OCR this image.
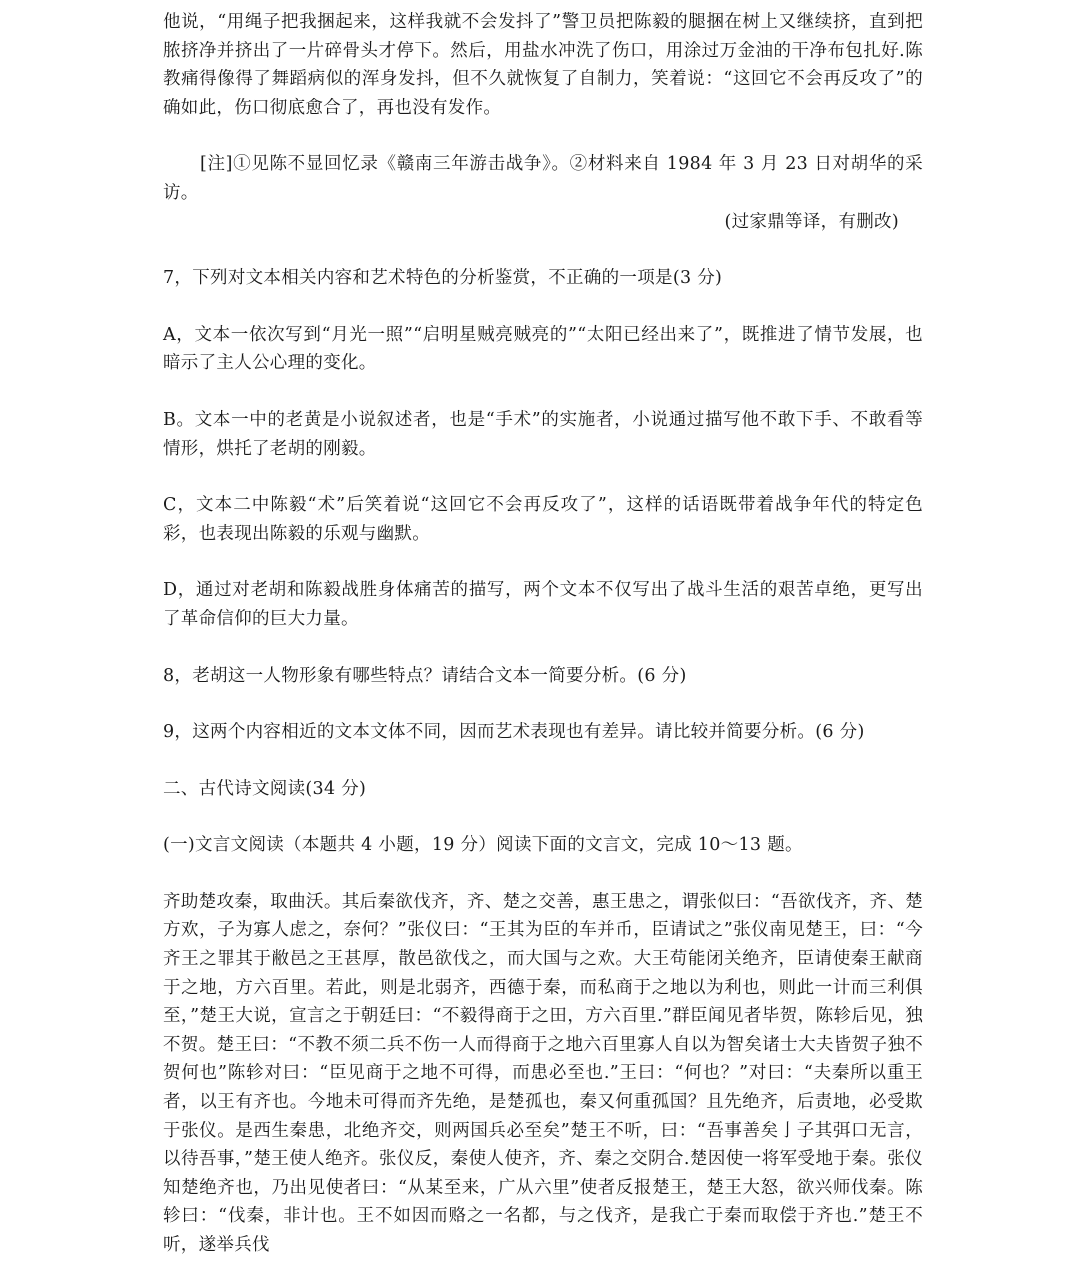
他说，“用绳子把我捆起来，这样我就不会发抖了”警卫员把陈毅的腿捆在树上又继续挤，直到把脓挤净并挤出了一片碎骨头才停下。然后，用盐水冲洗了伤口，用涂过万金油的干净布包扎好.陈教痛得像得了舞蹈病似的浑身发抖，但不久就恢复了自制力，笑着说：“这回它不会再反攻了”的确如此，伤口彻底愈合了，再也没有发作。

[注]①见陈不显回忆录《赣南三年游击战争》。②材料来自 1984 年 3 月 23 日对胡华的采访。

(过家鼎等译，有删改)

7，下列对文本相关内容和艺术特色的分析鉴赏，不正确的一项是(3 分)

A，文本一依次写到“月光一照”“启明星贼亮贼亮的”“太阳已经出来了”，既推进了情节发展，也暗示了主人公心理的变化。

B。文本一中的老黄是小说叙述者，也是“手术”的实施者，小说通过描写他不敢下手、不敢看等情形，烘托了老胡的刚毅。

C，文本二中陈毅“术”后笑着说“这回它不会再反攻了”，这样的话语既带着战争年代的特定色彩，也表现出陈毅的乐观与幽默。

D，通过对老胡和陈毅战胜身体痛苦的描写，两个文本不仅写出了战斗生活的艰苦卓绝，更写出了革命信仰的巨大力量。

8，老胡这一人物形象有哪些特点？请结合文本一简要分析。(6 分)

9，这两个内容相近的文本文体不同，因而艺术表现也有差异。请比较并简要分析。(6 分)

二、古代诗文阅读(34 分)

(一)文言文阅读（本题共 4 小题，19 分）阅读下面的文言文，完成 10～13 题。

齐助楚攻秦，取曲沃。其后秦欲伐齐，齐、楚之交善，惠王患之，谓张似曰：“吾欲伐齐，齐、楚方欢，子为寡人虑之，奈何？”张仪曰：“王其为臣的车并币，臣请试之”张仪南见楚王，曰：“今齐王之罪其于敝邑之王甚厚，散邑欲伐之，而大国与之欢。大王苟能闭关绝齐，臣请使秦王献商于之地，方六百里。若此，则是北弱齐，西德于秦，而私商于之地以为利也，则此一计而三利俱至，”楚王大说，宣言之于朝廷曰：“不毅得商于之田，方六百里.”群臣闻见者毕贺，陈轸后见，独不贺。楚王曰：“不教不须二兵不伤一人而得商于之地六百里寡人自以为智矣诸士大夫皆贺子独不贺何也”陈轸对曰：“臣见商于之地不可得，而患必至也.”王曰：“何也？”对曰：“夫秦所以重王者，以王有齐也。今地未可得而齐先绝，是楚孤也，秦又何重孤国？且先绝齐，后责地，必受欺于张仪。是西生秦患，北绝齐交，则两国兵必至矣”楚王不听，曰：“吾事善矣亅子其弭口无言，以待吾事，”楚王使人绝齐。张仪反，秦使人使齐，齐、秦之交阴合.楚因使一将军受地于秦。张仪知楚绝齐也，乃出见使者曰：“从某至来，广从六里”使者反报楚王，楚王大怒，欲兴师伐秦。陈轸曰：“伐秦，非计也。王不如因而赂之一名都，与之伐齐，是我亡于秦而取偿于齐也.”楚王不听，遂举兵伐
